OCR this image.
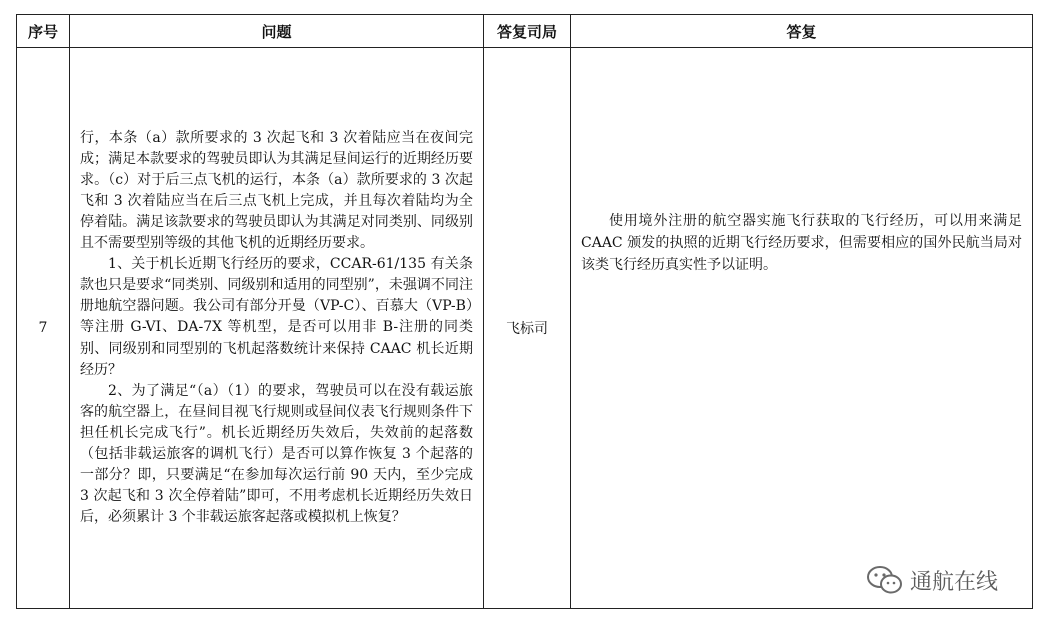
序号	问题	答复司局	答复
7	行，本条（a）款所要求的 3 次起飞和 3 次着陆应当在夜间完成；满足本款要求的驾驶员即认为其满足昼间运行的近期经历要求。（c）对于后三点飞机的运行，本条（a）款所要求的 3 次起飞和 3 次着陆应当在后三点飞机上完成，并且每次着陆均为全停着陆。满足该款要求的驾驶员即认为其满足对同类别、同级别且不需要型别等级的其他飞机的近期经历要求。

1、关于机长近期飞行经历的要求，CCAR-61/135 有关条款也只是要求“同类别、同级别和适用的同型别”，未强调不同注册地航空器问题。我公司有部分开曼（VP-C）、百慕大（VP-B）等注册 G-VI、DA-7X 等机型，是否可以用非 B-注册的同类别、同级别和同型别的飞机起落数统计来保持 CAAC 机长近期经历？

2、为了满足“（a）（1）的要求，驾驶员可以在没有载运旅客的航空器上，在昼间目视飞行规则或昼间仪表飞行规则条件下担任机长完成飞行”。机长近期经历失效后，失效前的起落数（包括非载运旅客的调机飞行）是否可以算作恢复 3 个起落的一部分？即，只要满足“在参加每次运行前 90 天内，至少完成 3 次起飞和 3 次全停着陆”即可，不用考虑机长近期经历失效日后，必须累计 3 个非载运旅客起落或模拟机上恢复？	飞标司	使用境外注册的航空器实施飞行获取的飞行经历，可以用来满足 CAAC 颁发的执照的近期飞行经历要求，但需要相应的国外民航当局对该类飞行经历真实性予以证明。
通航在线
